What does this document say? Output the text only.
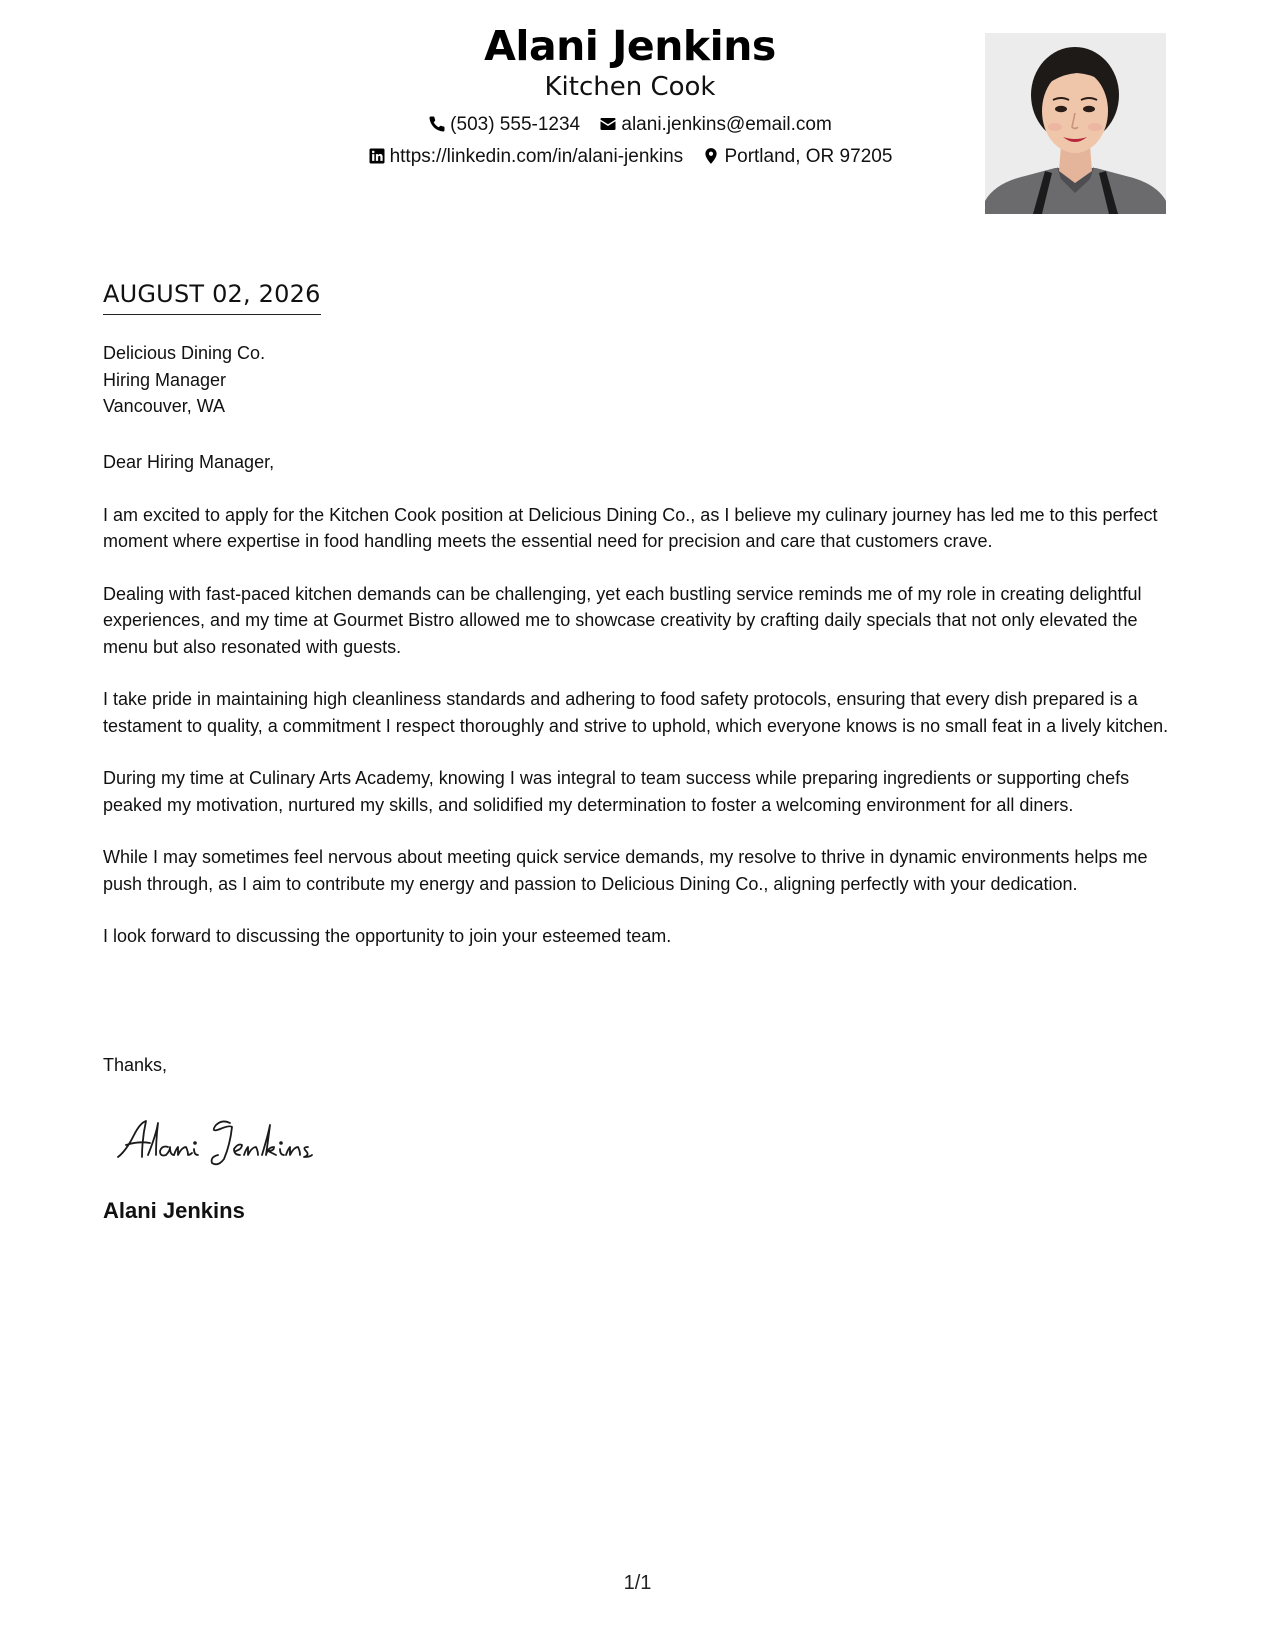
Alani Jenkins
Kitchen Cook
(503) 555-1234 alani.jenkins@email.com
https://linkedin.com/in/alani-jenkins Portland, OR 97205
AUGUST 02, 2026
Delicious Dining Co.
Hiring Manager
Vancouver, WA

Dear Hiring Manager,

I am excited to apply for the Kitchen Cook position at Delicious Dining Co., as I believe my culinary journey has led me to this perfect moment where expertise in food handling meets the essential need for precision and care that customers crave.

Dealing with fast-paced kitchen demands can be challenging, yet each bustling service reminds me of my role in creating delightful experiences, and my time at Gourmet Bistro allowed me to showcase creativity by crafting daily specials that not only elevated the menu but also resonated with guests.

I take pride in maintaining high cleanliness standards and adhering to food safety protocols, ensuring that every dish prepared is a testament to quality, a commitment I respect thoroughly and strive to uphold, which everyone knows is no small feat in a lively kitchen.

During my time at Culinary Arts Academy, knowing I was integral to team success while preparing ingredients or supporting chefs peaked my motivation, nurtured my skills, and solidified my determination to foster a welcoming environment for all diners.

While I may sometimes feel nervous about meeting quick service demands, my resolve to thrive in dynamic environments helps me push through, as I aim to contribute my energy and passion to Delicious Dining Co., aligning perfectly with your dedication.

I look forward to discussing the opportunity to join your esteemed team.

Thanks,
Alani Jenkins
1/1
